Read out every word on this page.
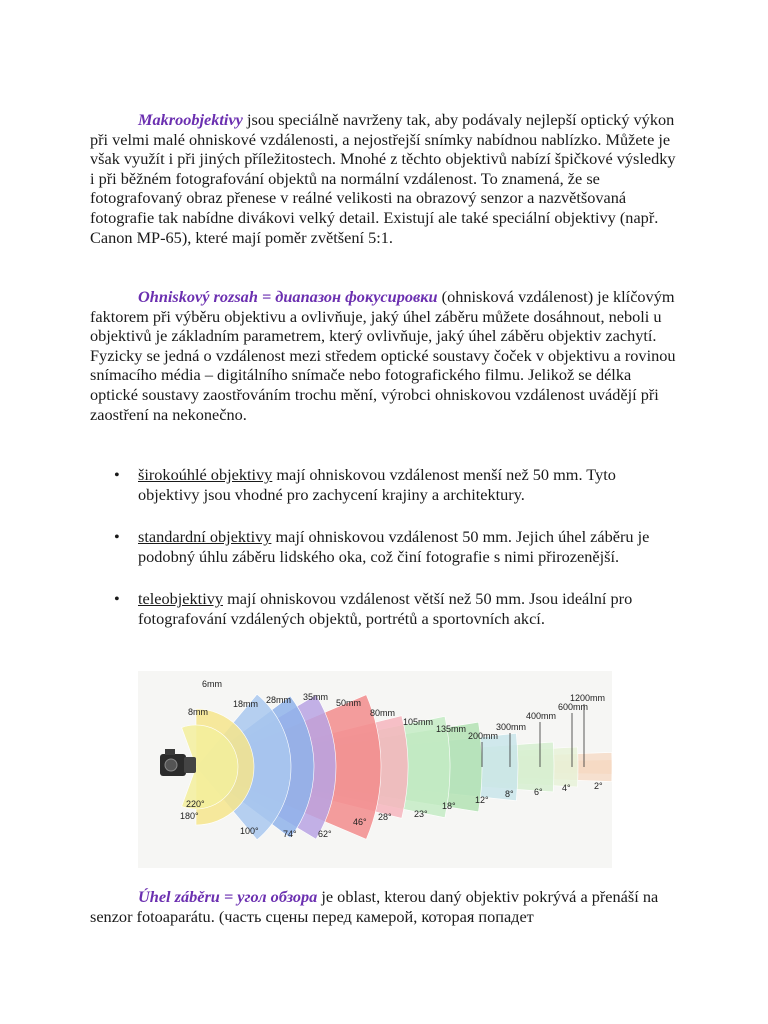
Makroobjektivy jsou speciálně navrženy tak, aby podávaly nejlepší optický výkon při velmi malé ohniskové vzdálenosti, a nejostřejší snímky nabídnou nablízko. Můžete je však využít i při jiných příležitostech. Mnohé z těchto objektivů nabízí špičkové výsledky i při běžném fotografování objektů na normální vzdálenost. To znamená, že se fotografovaný obraz přenese v reálné velikosti na obrazový senzor a nazvětšovaná fotografie tak nabídne divákovi velký detail. Existují ale také speciální objektivy (např. Canon MP-65), které mají poměr zvětšení 5:1.

Ohniskový rozsah = диапазон фокусировки (ohnisková vzdálenost) je klíčovým faktorem při výběru objektivu a ovlivňuje, jaký úhel záběru můžete dosáhnout, neboli u objektivů je základním parametrem, který ovlivňuje, jaký úhel záběru objektiv zachytí. Fyzicky se jedná o vzdálenost mezi středem optické soustavy čoček v objektivu a rovinou snímacího média – digitálního snímače nebo fotografického filmu. Jelikož se délka optické soustavy zaostřováním trochu mění, výrobci ohniskovou vzdálenost uvádějí při zaostření na nekonečno.

• širokoúhlé objektivy mají ohniskovou vzdálenost menší než 50 mm. Tyto objektivy jsou vhodné pro zachycení krajiny a architektury.
• standardní objektivy mají ohniskovou vzdálenost 50 mm. Jejich úhel záběru je podobný úhlu záběru lidského oka, což činí fotografie s nimi přirozenější.
• teleobjektivy mají ohniskovou vzdálenost větší než 50 mm. Jsou ideální pro fotografování vzdálených objektů, portrétů a sportovních akcí.
6mm
220°
8mm
180°
18mm
100°
28mm
74°
35mm
62°
50mm
46°
80mm
28°
105mm
23°
135mm
18°
200mm
12°
300mm
8°
400mm
6°
600mm
4°
1200mm
2°

Úhel záběru = угол обзора je oblast, kterou daný objektiv pokrývá a přenáší na senzor fotoaparátu. (часть сцены перед камерой, которая попадет
